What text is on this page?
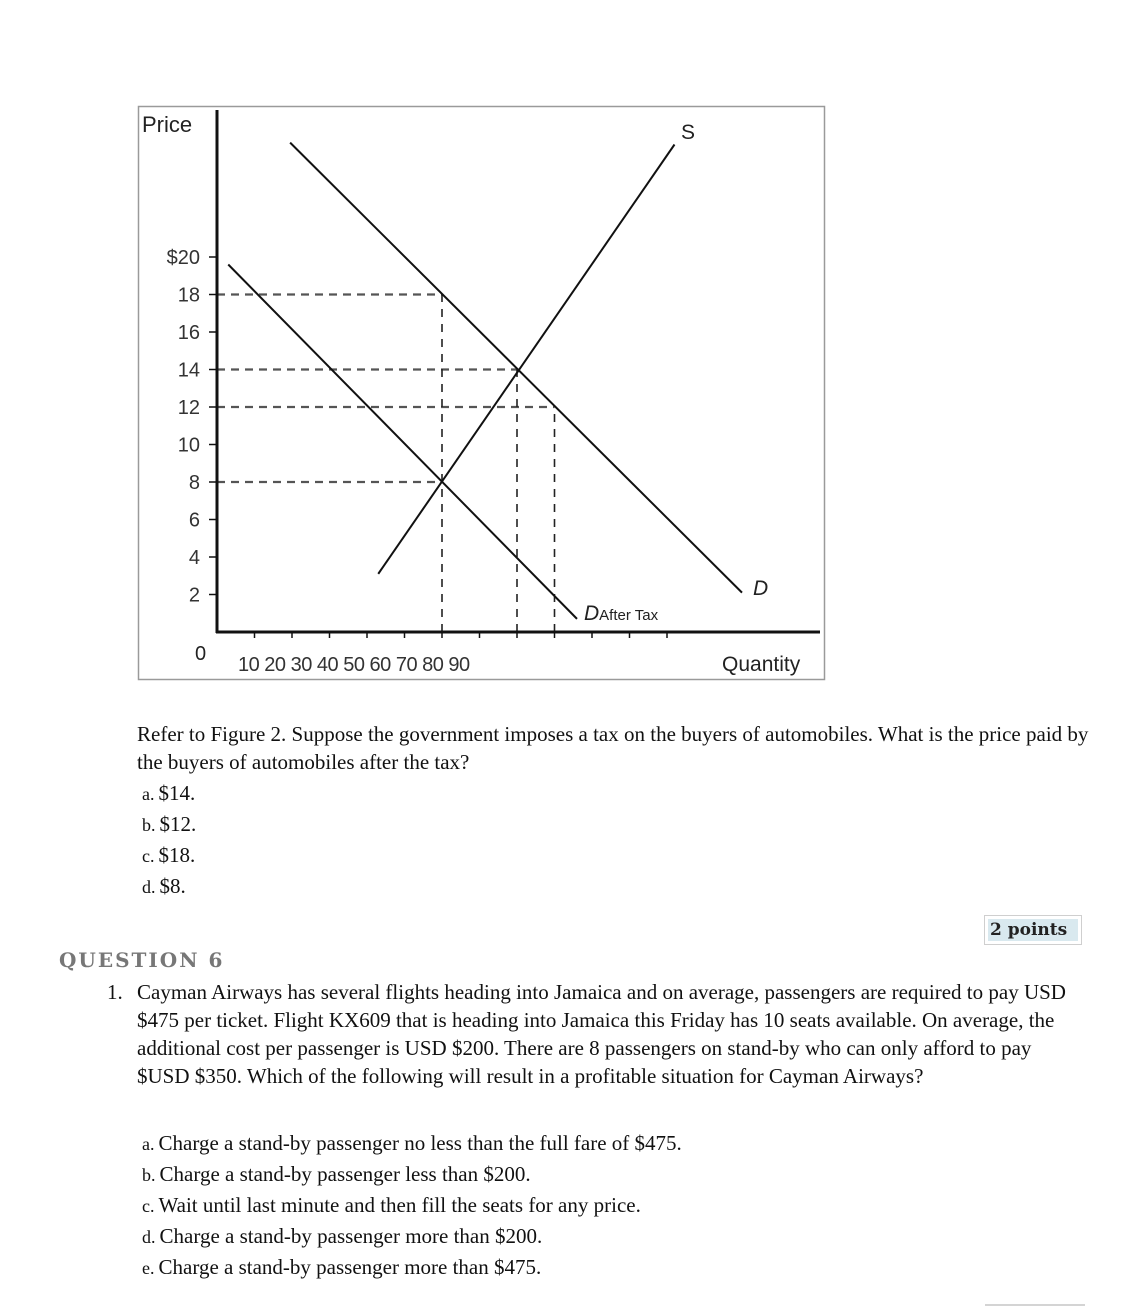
2
4
6
8
10
12
14
16
18
$20
10 20 30 40 50 60 70 80 90
Price
Quantity
0
S
D
DAfter Tax
Refer to Figure 2. Suppose the government imposes a tax on the buyers of automobiles. What is the price paid by the buyers of automobiles after the tax?
a. $14.
b. $12.
c. $18.
d. $8.
2 points
QUESTION 6
1. Cayman Airways has several flights heading into Jamaica and on average, passengers are required to pay USD $475 per ticket. Flight KX609 that is heading into Jamaica this Friday has 10 seats available. On average, the additional cost per passenger is USD $200. There are 8 passengers on stand-by who can only afford to pay $USD $350. Which of the following will result in a profitable situation for Cayman Airways?
a. Charge a stand-by passenger no less than the full fare of $475.
b. Charge a stand-by passenger less than $200.
c. Wait until last minute and then fill the seats for any price.
d. Charge a stand-by passenger more than $200.
e. Charge a stand-by passenger more than $475.
